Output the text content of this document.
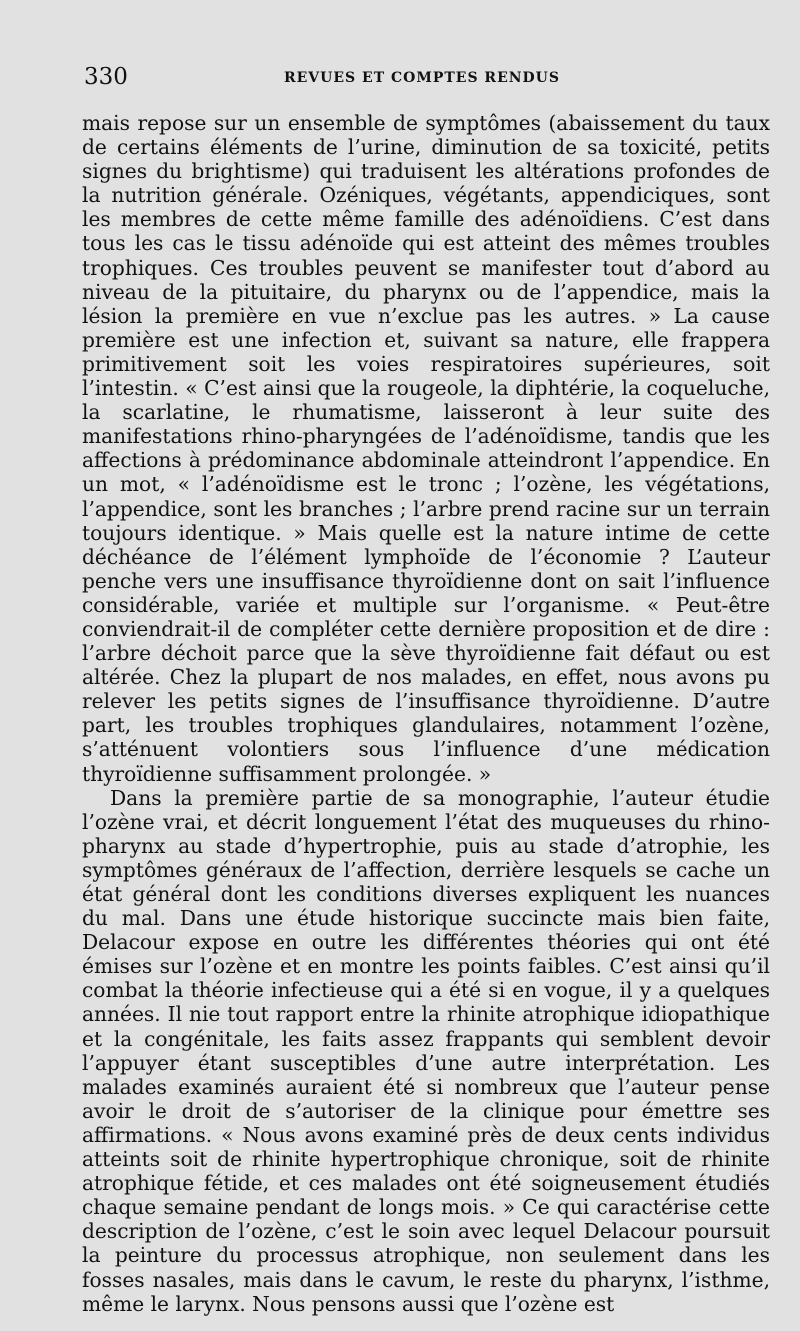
330	REVUES ET COMPTES RENDUS

mais repose sur un ensemble de symptômes (abaissement du taux de certains éléments de l’urine, diminution de sa toxicité, petits signes du brightisme) qui traduisent les altérations profondes de la nutrition générale. Ozéniques, végétants, appendiciques, sont les membres de cette même famille des adénoïdiens. C’est dans tous les cas le tissu adénoïde qui est atteint des mêmes troubles trophiques. Ces troubles peuvent se manifester tout d’abord au niveau de la pituitaire, du pharynx ou de l’appendice, mais la lésion la première en vue n’exclue pas les autres. » La cause première est une infection et, suivant sa nature, elle frappera primitivement soit les voies respiratoires supérieures, soit l’intestin. « C’est ainsi que la rougeole, la diphtérie, la coqueluche, la scarlatine, le rhumatisme, laisseront à leur suite des manifestations rhino-pharyngées de l’adénoïdisme, tandis que les affections à prédominance abdominale atteindront l’appendice. En un mot, « l’adénoïdisme est le tronc ; l’ozène, les végétations, l’appendice, sont les branches ; l’arbre prend racine sur un terrain toujours identique. » Mais quelle est la nature intime de cette déchéance de l’élément lymphoïde de l’économie ? L’auteur penche vers une insuffisance thyroïdienne dont on sait l’influence considérable, variée et multiple sur l’organisme. « Peut-être conviendrait-il de compléter cette dernière proposition et de dire : l’arbre déchoit parce que la sève thyroïdienne fait défaut ou est altérée. Chez la plupart de nos malades, en effet, nous avons pu relever les petits signes de l’insuffisance thyroïdienne. D’autre part, les troubles trophiques glandulaires, notamment l’ozène, s’atténuent volontiers sous l’influence d’une médication thyroïdienne suffisamment prolongée. »

Dans la première partie de sa monographie, l’auteur étudie l’ozène vrai, et décrit longuement l’état des muqueuses du rhino-pharynx au stade d’hypertrophie, puis au stade d’atrophie, les symptômes généraux de l’affection, derrière lesquels se cache un état général dont les conditions diverses expliquent les nuances du mal. Dans une étude historique succincte mais bien faite, Delacour expose en outre les différentes théories qui ont été émises sur l’ozène et en montre les points faibles. C’est ainsi qu’il combat la théorie infectieuse qui a été si en vogue, il y a quelques années. Il nie tout rapport entre la rhinite atrophique idiopathique et la congénitale, les faits assez frappants qui semblent devoir l’appuyer étant susceptibles d’une autre interprétation. Les malades examinés auraient été si nombreux que l’auteur pense avoir le droit de s’autoriser de la clinique pour émettre ses affirmations. « Nous avons examiné près de deux cents individus atteints soit de rhinite hypertrophique chronique, soit de rhinite atrophique fétide, et ces malades ont été soigneusement étudiés chaque semaine pendant de longs mois. » Ce qui caractérise cette description de l’ozène, c’est le soin avec lequel Delacour poursuit la peinture du processus atrophique, non seulement dans les fosses nasales, mais dans le cavum, le reste du pharynx, l’isthme, même le larynx. Nous pensons aussi que l’ozène est
